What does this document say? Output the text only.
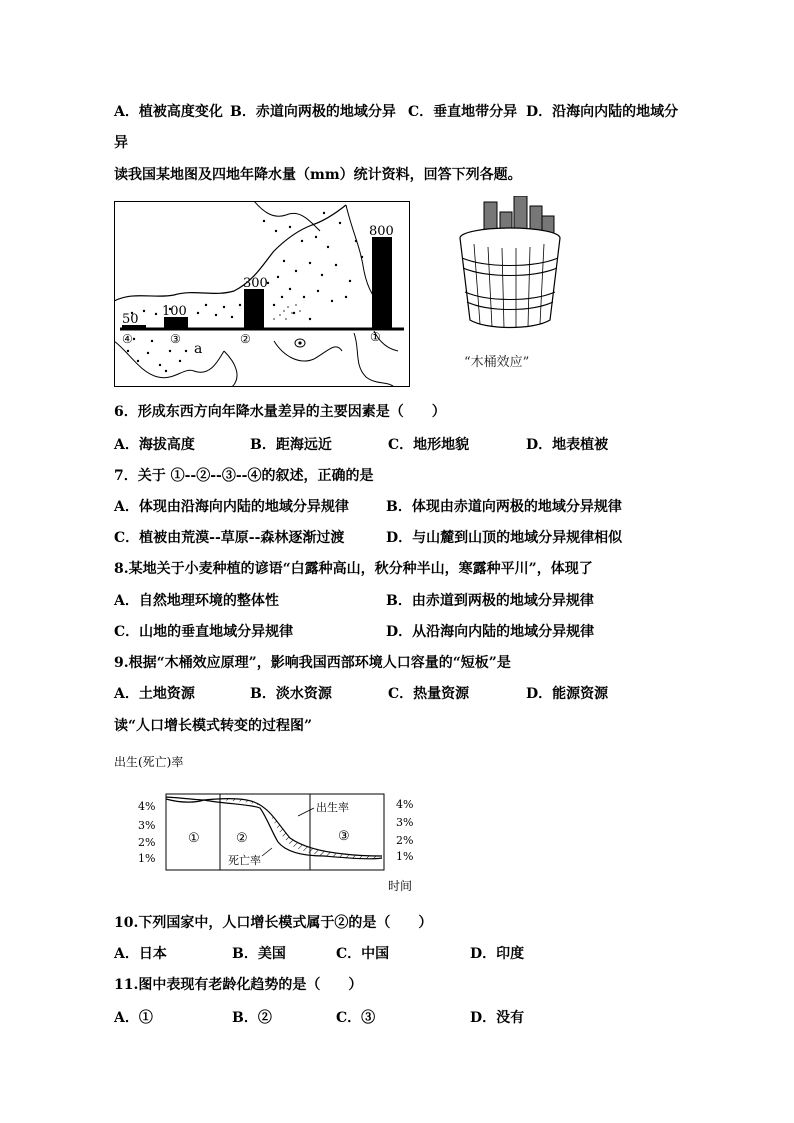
A．植被高度变化 B．赤道向两极的地域分异 C．垂直地带分异 D．沿海向内陆的地域分
异
读我国某地图及四地年降水量（mm）统计资料，回答下列各题。
50
100
300
800
④	③	②	①
a
“木桶效应”
6．形成东西方向年降水量差异的主要因素是（　　）
A．海拔高度	B．距海远近	C．地形地貌	D．地表植被
7．关于 ①--②--③--④的叙述，正确的是
A．体现由沿海向内陆的地域分异规律	B．体现由赤道向两极的地域分异规律
C．植被由荒漠--草原--森林逐渐过渡	D．与山麓到山顶的地域分异规律相似
8.某地关于小麦种植的谚语“白露种高山，秋分种半山，寒露种平川”，体现了
A．自然地理环境的整体性	B．由赤道到两极的地域分异规律
C．山地的垂直地域分异规律	D．从沿海向内陆的地域分异规律
9.根据“木桶效应原理”，影响我国西部环境人口容量的“短板”是
A．土地资源	B．淡水资源	C．热量资源	D．能源资源
读“人口增长模式转变的过程图”
出生(死亡)率
4%
3%
2%
1%
4%
3%
2%
1%
①	②	③
出生率
死亡率
时间
10.下列国家中，人口增长模式属于②的是（　　）
A．日本	B．美国	C．中国	D．印度
11.图中表现有老龄化趋势的是（　　）
A．①	B．②	C．③	D．没有
